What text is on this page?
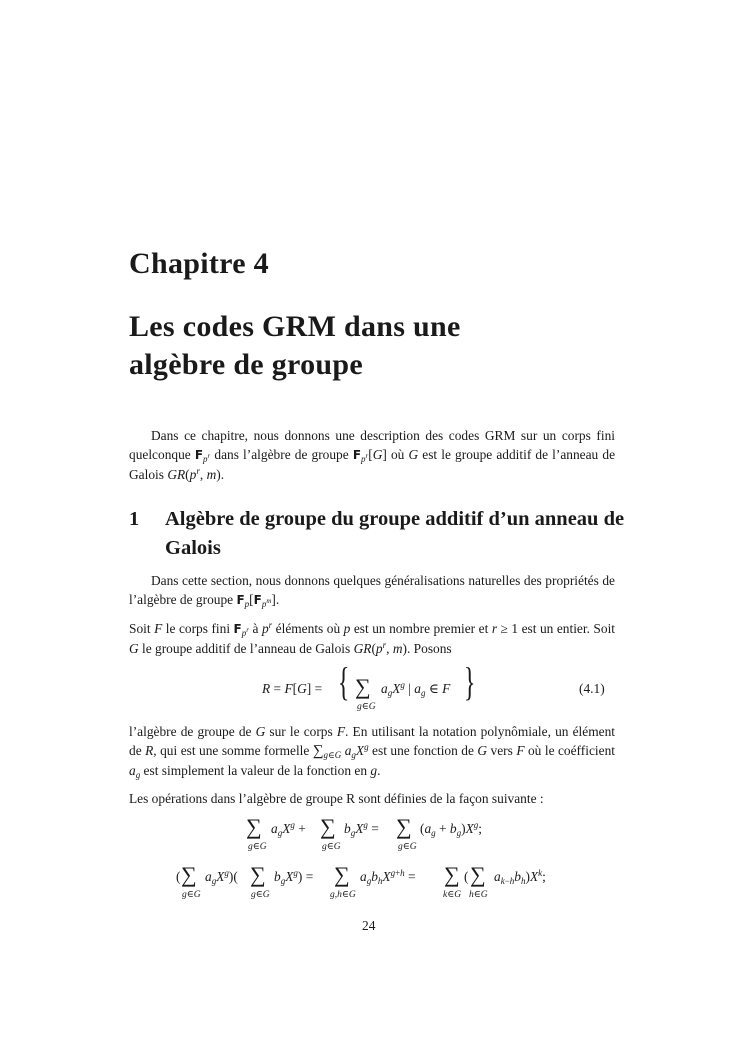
Chapitre 4
Les codes GRM dans une
algèbre de groupe
Dans ce chapitre, nous donnons une description des codes GRM sur un corps fini quelconque $F_{p^r}$ dans l’algèbre de groupe $F_{p^r}[G]$ où G est le groupe additif de l’anneau de Galois $GR(p^r$, m).
1 Algèbre de groupe du groupe additif d’un anneau de Galois
Dans cette section, nous donnons quelques généralisations naturelles des propriétés de l’algèbre de groupe $F_p[F_{p^m}]$.
Soit F le corps fini $F_{p^r}$ à $p^r$ éléments où p est un nombre premier et r ≥ 1 est un entier. Soit G le groupe additif de l’anneau de Galois $GR(p^r$, m). Posons
R = F[G] = { ∑
g∈G
$a_gX^g$ | $a_g$ ∈ F }	(4.1)
l’algèbre de groupe de G sur le corps F. En utilisant la notation polynômiale, un élément de R, qui est une somme formelle $\sum_{g\in G}$ $a_gX^g$ est une fonction de G vers F où le coéfficient $a_g$ est simplement la valeur de la fonction en g.
Les opérations dans l’algèbre de groupe R sont définies de la façon suivante :
∑
g∈G
$a_gX^g$ + ∑
g∈G
$b_gX^g$ = ∑
g∈G
$(a_g + b_g)X^g$;
( ∑
g∈G
$a_gX^g$)( ∑
g∈G
$b_gX^g$) = ∑
g,h∈G
$a_gb_hX^{g+h}$ = ∑
k∈G
( ∑
h∈G
$a_{k-h}b_h)X^k$;
24
